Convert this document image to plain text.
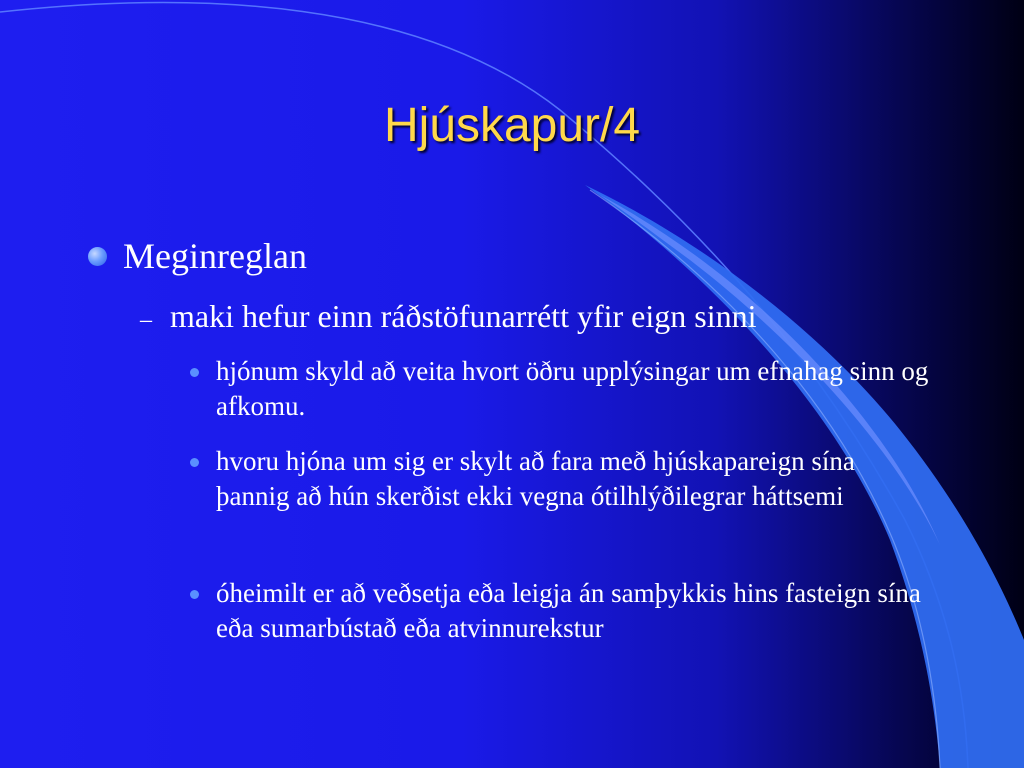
Hjúskapur/4
Meginreglan
– maki hefur einn ráðstöfunarrétt yfir eign sinni
hjónum skyld að veita hvort öðru upplýsingar um efnahag sinn og afkomu.
hvoru hjóna um sig er skylt að fara með hjúskapareign sína þannig að hún skerðist ekki vegna ótilhlýðilegrar háttsemi
óheimilt er að veðsetja eða leigja án samþykkis hins fasteign sína eða sumarbústað eða atvinnurekstur
